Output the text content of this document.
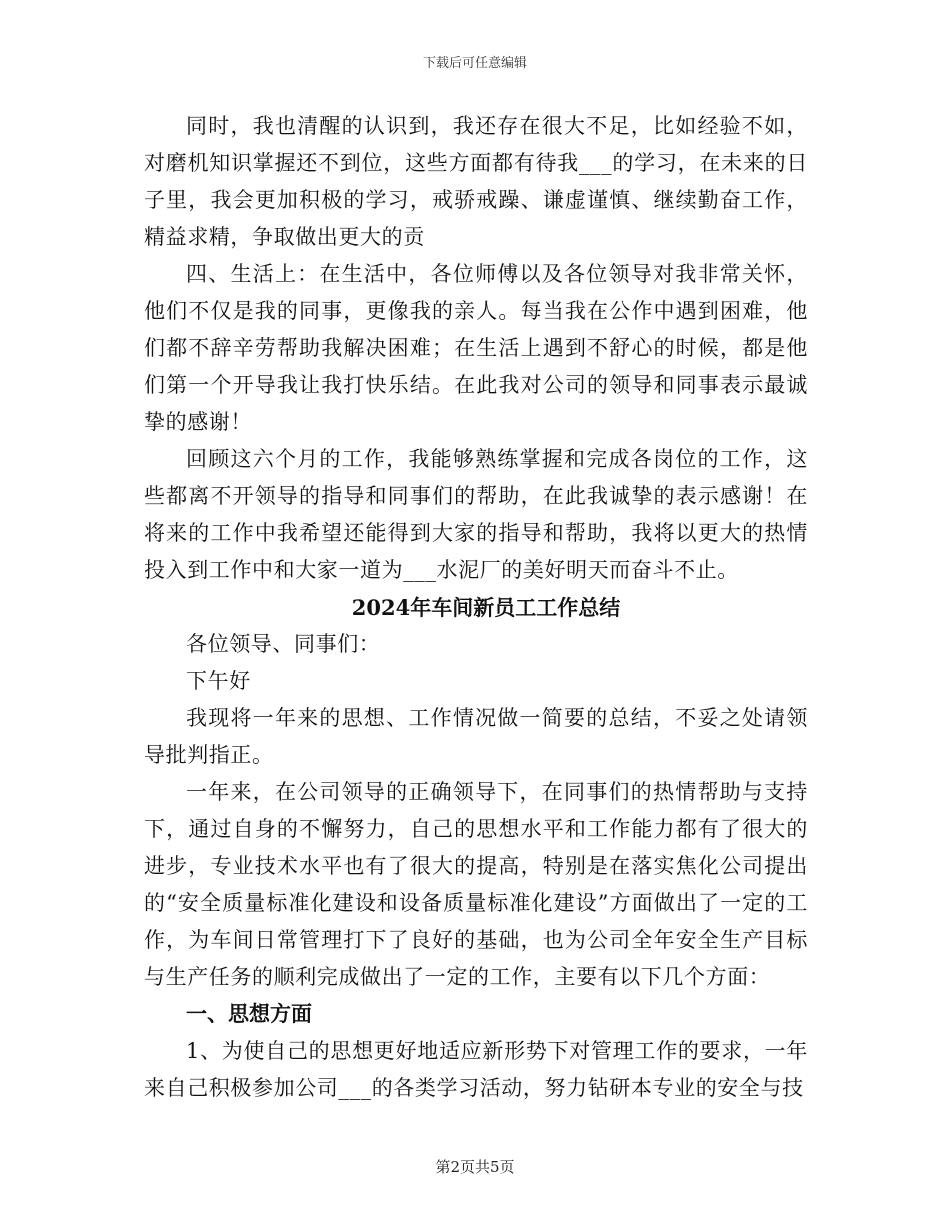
下载后可任意编辑

同时，我也清醒的认识到，我还存在很大不足，比如经验不如，对磨机知识掌握还不到位，这些方面都有待我___的学习，在未来的日子里，我会更加积极的学习，戒骄戒躁、谦虚谨慎、继续勤奋工作，精益求精，争取做出更大的贡

四、生活上：在生活中，各位师傅以及各位领导对我非常关怀，他们不仅是我的同事，更像我的亲人。每当我在公作中遇到困难，他们都不辞辛劳帮助我解决困难；在生活上遇到不舒心的时候，都是他们第一个开导我让我打快乐结。在此我对公司的领导和同事表示最诚挚的感谢！

回顾这六个月的工作，我能够熟练掌握和完成各岗位的工作，这些都离不开领导的指导和同事们的帮助，在此我诚挚的表示感谢！在将来的工作中我希望还能得到大家的指导和帮助，我将以更大的热情投入到工作中和大家一道为___水泥厂的美好明天而奋斗不止。

2024年车间新员工工作总结

各位领导、同事们：

下午好

我现将一年来的思想、工作情况做一简要的总结，不妥之处请领导批判指正。

一年来，在公司领导的正确领导下，在同事们的热情帮助与支持下，通过自身的不懈努力，自己的思想水平和工作能力都有了很大的进步，专业技术水平也有了很大的提高，特别是在落实焦化公司提出的“安全质量标准化建设和设备质量标准化建设”方面做出了一定的工作，为车间日常管理打下了良好的基础，也为公司全年安全生产目标与生产任务的顺利完成做出了一定的工作，主要有以下几个方面：

一、思想方面

1、为使自己的思想更好地适应新形势下对管理工作的要求，一年来自己积极参加公司___的各类学习活动，努力钻研本专业的安全与技

第2页共5页
